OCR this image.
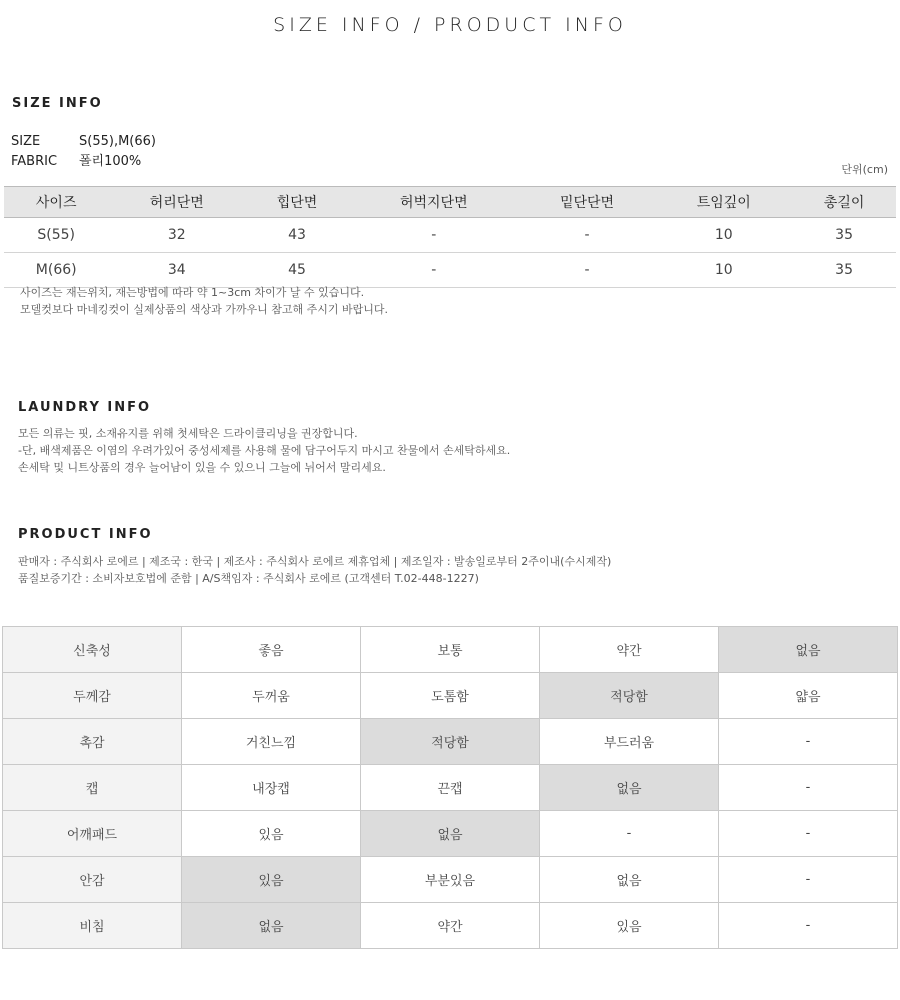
SIZE INFO / PRODUCT INFO
SIZE INFO
SIZE	S(55),M(66)
FABRIC 폴리100%
단위(cm)
사이즈	허리단면	힙단면	허벅지단면	밑단단면	트임깊이	총길이
S(55)	32	43	-	-	10	35
M(66)	34	45	-	-	10	35
사이즈는 재는위치, 재는방법에 따라 약 1~3cm 차이가 날 수 있습니다.
모델컷보다 마네킹컷이 실제상품의 색상과 가까우니 참고해 주시기 바랍니다.
LAUNDRY INFO
모든 의류는 핏, 소재유지를 위해 첫세탁은 드라이클리닝을 권장합니다.
-단, 배색제품은 이염의 우려가있어 중성세제를 사용해 물에 담구어두지 마시고 찬물에서 손세탁하세요.
손세탁 및 니트상품의 경우 늘어남이 있을 수 있으니 그늘에 뉘어서 말리세요.
PRODUCT INFO
판매자 : 주식회사 로에르 | 제조국 : 한국 | 제조사 : 주식회사 로에르 제휴업체 | 제조일자 : 발송일로부터 2주이내(수시제작)
품질보증기간 : 소비자보호법에 준함 | A/S책임자 : 주식회사 로에르 (고객센터 T.02-448-1227)
신축성	좋음	보통	약간	없음
두께감	두꺼움	도톰함	적당함	얇음
촉감	거친느낌	적당함	부드러움	-
캡	내장캡	끈캡	없음	-
어깨패드	있음	없음	-	-
안감	있음	부분있음	없음	-
비침	없음	약간	있음	-
